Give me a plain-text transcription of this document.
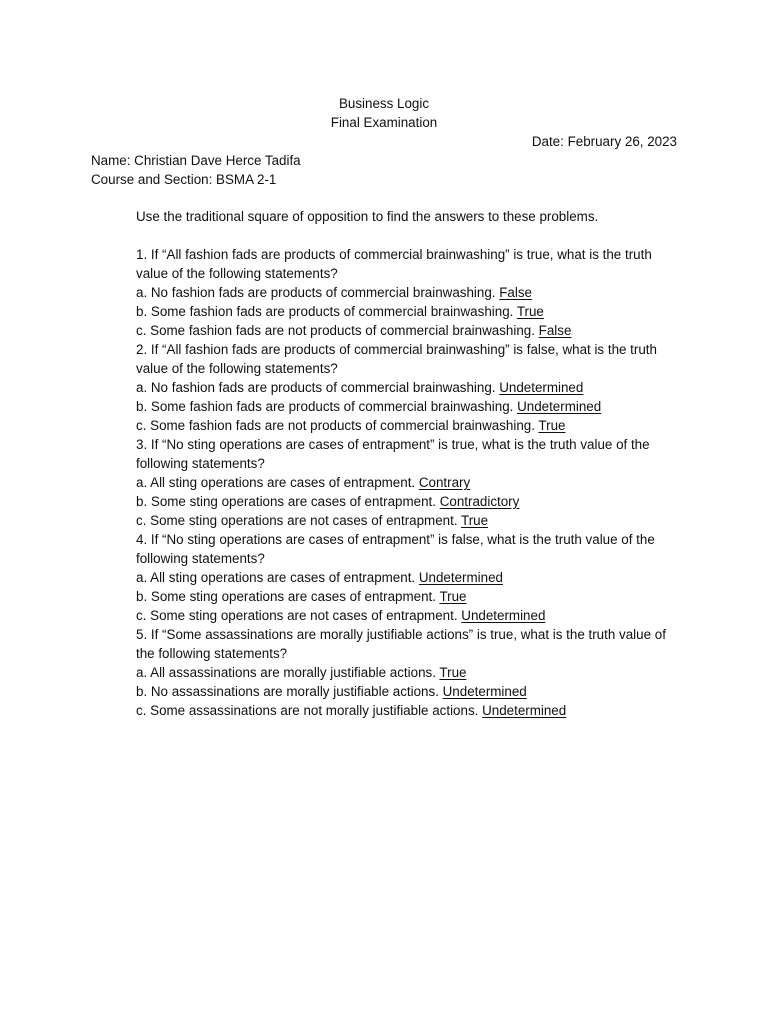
Business Logic
Final Examination
Date: February 26, 2023
Name: Christian Dave Herce Tadifa
Course and Section: BSMA 2-1

Use the traditional square of opposition to find the answers to these problems.

1. If “All fashion fads are products of commercial brainwashing” is true, what is the truth value of the following statements?

a. No fashion fads are products of commercial brainwashing. False

b. Some fashion fads are products of commercial brainwashing. True

c. Some fashion fads are not products of commercial brainwashing. False

2. If “All fashion fads are products of commercial brainwashing” is false, what is the truth value of the following statements?

a. No fashion fads are products of commercial brainwashing. Undetermined

b. Some fashion fads are products of commercial brainwashing. Undetermined

c. Some fashion fads are not products of commercial brainwashing. True

3. If “No sting operations are cases of entrapment” is true, what is the truth value of the following statements?

a. All sting operations are cases of entrapment. Contrary

b. Some sting operations are cases of entrapment. Contradictory

c. Some sting operations are not cases of entrapment. True

4. If “No sting operations are cases of entrapment” is false, what is the truth value of the following statements?

a. All sting operations are cases of entrapment. Undetermined

b. Some sting operations are cases of entrapment. True

c. Some sting operations are not cases of entrapment. Undetermined

5. If “Some assassinations are morally justifiable actions” is true, what is the truth value of the following statements?

a. All assassinations are morally justifiable actions. True

b. No assassinations are morally justifiable actions. Undetermined

c. Some assassinations are not morally justifiable actions. Undetermined
